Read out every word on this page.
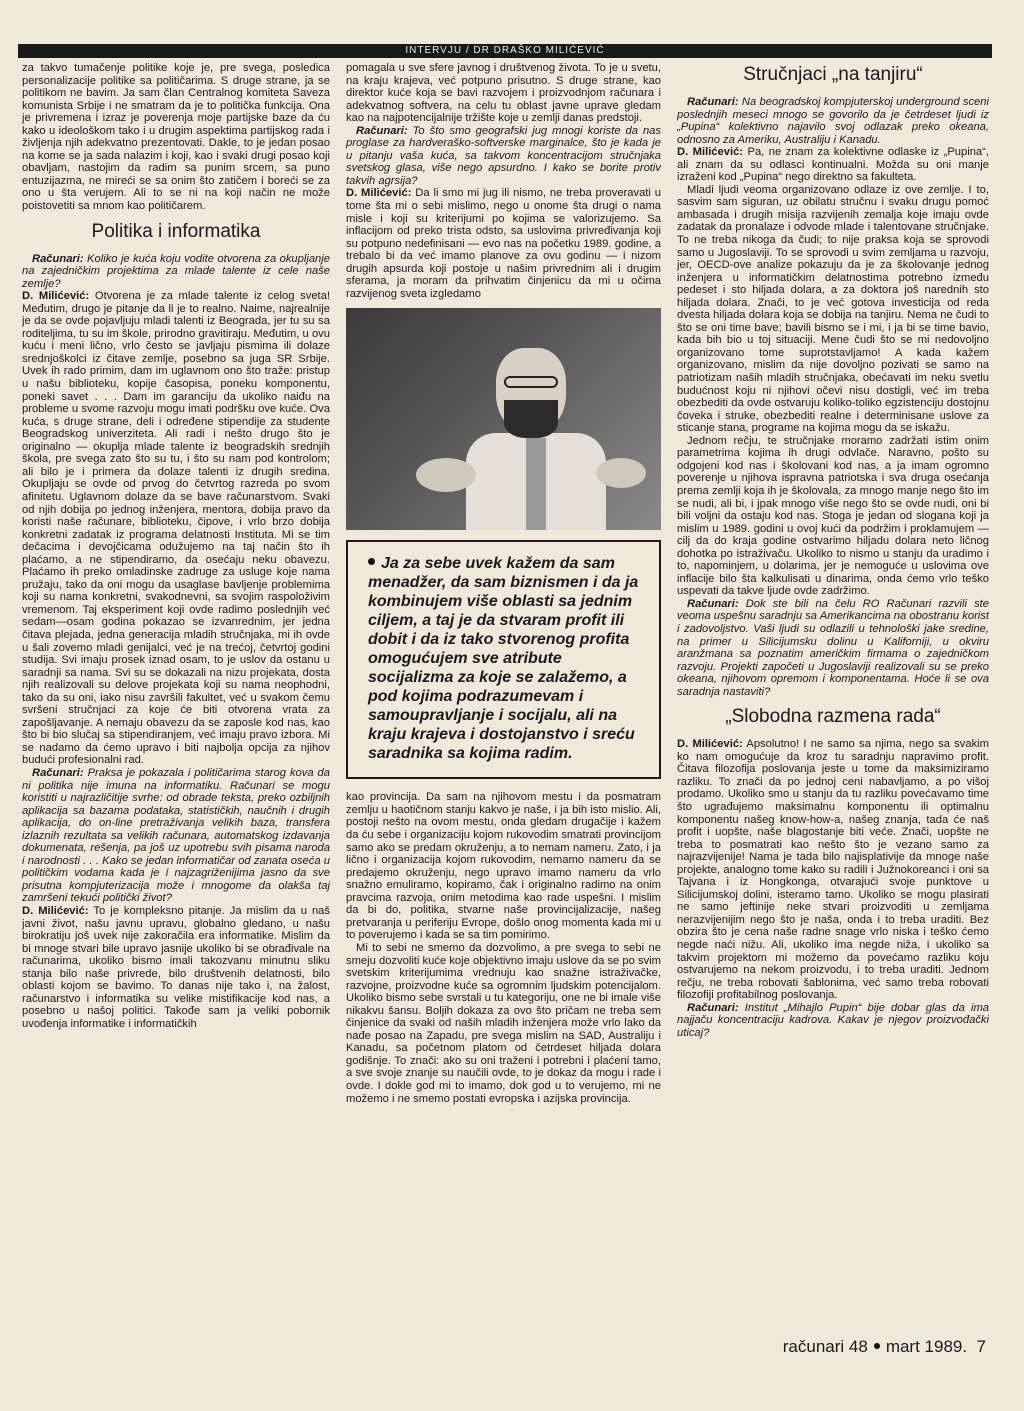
INTERVJU / DR DRAŠKO MILIĆEVIĆ

za takvo tumačenje politike koje je, pre svega, posledica personalizacije politike sa političarima. S druge strane, ja se politikom ne bavim. Ja sam član Centralnog komiteta Saveza komunista Srbije i ne smatram da je to politička funkcija. Ona je privremena i izraz je poverenja moje partijske baze da ću kako u ideološkom tako i u drugim aspektima partijskog rada i življenja njih adekvatno prezentovati. Dakle, to je jedan posao na kome se ja sada nalazim i koji, kao i svaki drugi posao koji obavljam, nastojim da radim sa punim srcem, sa puno entuzijazma, ne mireći se sa onim što zatičem i boreći se za ono u šta verujem. Ali to se ni na koji način ne može poistovetiti sa mnom kao političarem.

Politika i informatika

Računari: Koliko je kuća koju vodite otvorena za okupljanje na zajedničkim projektima za mlade talente iz cele naše zemlje?

D. Milićević: Otvorena je za mlade talente iz celog sveta! Međutim, drugo je pitanje da li je to realno. Naime, najrealnije je da se ovde pojavljuju mladi talenti iz Beograda, jer tu su sa roditeljima, tu su im škole, prirodno gravitiraju. Međutim, u ovu kuću i meni lično, vrlo često se javljaju pismima ili dolaze srednjoškolci iz čitave zemlje, posebno sa juga SR Srbije. Uvek ih rado primim, dam im uglavnom ono što traže: pristup u našu biblioteku, kopije časopisa, poneku komponentu, poneki savet . . . Dam im garanciju da ukoliko naiđu na probleme u svome razvoju mogu imati podršku ove kuće. Ova kuća, s druge strane, deli i određene stipendije za studente Beogradskog univerziteta. Ali radi i nešto drugo što je originalno — okuplja mlade talente iz beogradskih srednjih škola, pre svega zato što su tu, i što su nam pod kontrolom; ali bilo je i primera da dolaze talenti iz drugih sredina. Okupljaju se ovde od prvog do četvrtog razreda po svom afinitetu. Uglavnom dolaze da se bave računarstvom. Svaki od njih dobija po jednog inženjera, mentora, dobija pravo da koristi naše računare, biblioteku, čipove, i vrlo brzo dobija konkretni zadatak iz programa delatnosti Instituta. Mi se tim dečacima i devojčicama odužujemo na taj način što ih plaćamo, a ne stipendiramo, da osećaju neku obavezu. Plaćamo ih preko omladinske zadruge za usluge koje nama pružaju, tako da oni mogu da usaglase bavljenje problemima koji su nama konkretni, svakodnevni, sa svojim raspoloživim vremenom. Taj eksperiment koji ovde radimo poslednjih već sedam—osam godina pokazao se izvanrednim, jer jedna čitava plejada, jedna generacija mladih stručnjaka, mi ih ovde u šali zovemo mladi genijalci, već je na trećoj, četvrtoj godini studija. Svi imaju prosek iznad osam, to je uslov da ostanu u saradnji sa nama. Svi su se dokazali na nizu projekata, dosta njih realizovali su delove projekata koji su nama neophodni, tako da su oni, iako nisu završili fakultet, već u svakom čemu svršeni stručnjaci za koje će biti otvorena vrata za zapošljavanje. A nemaju obavezu da se zaposle kod nas, kao što bi bio slučaj sa stipendiranjem, već imaju pravo izbora. Mi se nadamo da ćemo upravo i biti najbolja opcija za njihov budući profesionalni rad.

Računari: Praksa je pokazala i političarima starog kova da ni politika nije imuna na informatiku. Računari se mogu koristiti u najrazličitije svrhe: od obrade teksta, preko ozbiljnih aplikacija sa bazama podataka, statističkih, naučnih i drugih aplikacija, do on-line pretraživanja velikih baza, transfera izlaznih rezultata sa velikih računara, automatskog izdavanja dokumenata, rešenja, pa još uz upotrebu svih pisama naroda i narodnosti . . . Kako se jedan informatičar od zanata oseća u političkim vodama kada je i najzagriženijima jasno da sve prisutna kompjuterizacija može i mnogome da olakša taj zamršeni tekući politički život?

D. Milićević: To je kompleksno pitanje. Ja mislim da u naš javni život, našu javnu upravu, globalno gledano, u našu birokratiju još uvek nije zakoračila era informatike. Mislim da bi mnoge stvari bile upravo jasnije ukoliko bi se obrađivale na računarima, ukoliko bismo imali takozvanu minutnu sliku stanja bilo naše privrede, bilo društvenih delatnosti, bilo oblasti kojom se bavimo. To danas nije tako i, na žalost, računarstvo i informatika su velike mistifikacije kod nas, a posebno u našoj politici. Takođe sam ja veliki pobornik uvođenja informatike i informatičkih

pomagala u sve sfere javnog i društvenog života. To je u svetu, na kraju krajeva, već potpuno prisutno. S druge strane, kao direktor kuće koja se bavi razvojem i proizvodnjom računara i adekvatnog softvera, na celu tu oblast javne uprave gledam kao na najpotencijalnije tržište koje u zemlji danas predstoji.

Računari: To što smo geografski jug mnogi koriste da nas proglase za hardveraško-softverske marginalce, što je kada je u pitanju vaša kuća, sa takvom koncentracijom stručnjaka svetskog glasa, više nego apsurdno. I kako se borite protiv takvih agrsija?

D. Milićević: Da li smo mi jug ili nismo, ne treba proveravati u tome šta mi o sebi mislimo, nego u onome šta drugi o nama misle i koji su kriterijumi po kojima se valorizujemo. Sa inflacijom od preko trista odsto, sa uslovima privređivanja koji su potpuno nedefinisani — evo nas na početku 1989. godine, a trebalo bi da već imamo planove za ovu godinu — i nizom drugih apsurda koji postoje u našim privrednim ali i drugim sferama, ja moram da prihvatim činjenicu da mi u očima razvijenog sveta izgledamo

Ja za sebe uvek kažem da sam menadžer, da sam biznismen i da ja kombinujem više oblasti sa jednim ciljem, a taj je da stvaram profit ili dobit i da iz tako stvorenog profita omogućujem sve atribute socijalizma za koje se zalažemo, a pod kojima podrazumevam i samoupravljanje i socijalu, ali na kraju krajeva i dostojanstvo i sreću saradnika sa kojima radim.

kao provincija. Da sam na njihovom mestu i da posmatram zemlju u haotičnom stanju kakvo je naše, i ja bih isto mislio. Ali, postoji nešto na ovom mestu, onda gledam drugačije i kažem da ću sebe i organizaciju kojom rukovodim smatrati provincijom samo ako se predam okruženju, a to nemam nameru. Zato, i ja lično i organizacija kojom rukovodim, nemamo nameru da se predajemo okruženju, nego upravo imamo nameru da vrlo snažno emuliramo, kopiramo, čak i originalno radimo na onim pravcima razvoja, onim metodima kao rade uspešni. I mislim da bi do, politika, stvarne naše provincijalizacije, našeg pretvaranja u periferiju Evrope, došlo onog momenta kada mi u to poverujemo i kada se sa tim pomirimo.

Mi to sebi ne smemo da dozvolimo, a pre svega to sebi ne smeju dozvoliti kuće koje objektivno imaju uslove da se po svim svetskim kriterijumima vrednuju kao snažne istraživačke, razvojne, proizvodne kuće sa ogromnim ljudskim potencijalom. Ukoliko bismo sebe svrstali u tu kategoriju, one ne bi imale više nikakvu šansu. Boljih dokaza za ovo što pričam ne treba sem činjenice da svaki od naših mladih inženjera može vrlo lako da nađe posao na Zapadu, pre svega mislim na SAD, Australiju i Kanadu, sa početnom platom od četrdeset hiljada dolara godišnje. To znači: ako su oni traženi i potrebni i plaćeni tamo, a sve svoje znanje su naučili ovde, to je dokaz da mogu i rade i ovde. I dokle god mi to imamo, dok god u to verujemo, mi ne možemo i ne smemo postati evropska i azijska provincija.

Stručnjaci „na tanjiru“

Računari: Na beogradskoj kompjuterskoj underground sceni poslednjih meseci mnogo se govorilo da je četrdeset ljudi iz „Pupina“ kolektivno najavilo svoj odlazak preko okeana, odnosno za Ameriku, Australiju i Kanadu.

D. Milićević: Pa, ne znam za kolektivne odlaske iz „Pupina“, ali znam da su odlasci kontinualni. Možda su oni manje izraženi kod „Pupina“ nego direktno sa fakulteta.

Mladi ljudi veoma organizovano odlaze iz ove zemlje. I to, sasvim sam siguran, uz obilatu stručnu i svaku drugu pomoć ambasada i drugih misija razvijenih zemalja koje imaju ovde zadatak da pronalaze i odvode mlade i talentovane stručnjake. To ne treba nikoga da čudi; to nije praksa koja se sprovodi samo u Jugoslaviji. To se sprovodi u svim zemljama u razvoju, jer, OECD-ove analize pokazuju da je za školovanje jednog inženjera u informatičkim delatnostima potrebno između pedeset i sto hiljada dolara, a za doktora još narednih sto hiljada dolara. Znači, to je već gotova investicija od reda dvesta hiljada dolara koja se dobija na tanjiru. Nema ne čudi to što se oni time bave; bavili bismo se i mi, i ja bi se time bavio, kada bih bio u toj situaciji. Mene čudi što se mi nedovoljno organizovano tome suprotstavljamo! A kada kažem organizovano, mislim da nije dovoljno pozivati se samo na patriotizam naših mladih stručnjaka, obećavati im neku svetlu budućnost koju ni njihovi očevi nisu dostigli, već im treba obezbediti da ovde ostvaruju koliko-toliko egzistenciju dostojnu čoveka i struke, obezbediti realne i determinisane uslove za sticanje stana, programe na kojima mogu da se iskažu.

Jednom rečju, te stručnjake moramo zadržati istim onim parametrima kojima ih drugi odvlače. Naravno, pošto su odgojeni kod nas i školovani kod nas, a ja imam ogromno poverenje u njihova ispravna patriotska i sva druga osećanja prema zemlji koja ih je školovala, za mnogo manje nego što im se nudi, ali bi, i jpak mnogo više nego što se ovde nudi, oni bi bili voljni da ostaju kod nas. Stoga je jedan od slogana koji ja mislim u 1989. godini u ovoj kući da podržim i proklamujem — cilj da do kraja godine ostvarimo hiljadu dolara neto ličnog dohotka po istraživaču. Ukoliko to nismo u stanju da uradimo i to, napominjem, u dolarima, jer je nemoguće u uslovima ove inflacije bilo šta kalkulisati u dinarima, onda ćemo vrlo teško uspevati da takve ljude ovde zadržimo.

Računari: Dok ste bili na čelu RO Računari razvili ste veoma uspešnu saradnju sa Amerikancima na obostranu korist i zadovoljstvo. Vaši ljudi su odlazili u tehnološki jake sredine, na primer u Silicijumsku dolinu u Kaliforniji, u okviru aranžmana sa poznatim američkim firmama o zajedničkom razvoju. Projekti započeti u Jugoslaviji realizovali su se preko okeana, njihovom opremom i komponentama. Hoće li se ova saradnja nastaviti?

„Slobodna razmena rada“

D. Milićević: Apsolutno! I ne samo sa njima, nego sa svakim ko nam omogućuje da kroz tu saradnju napravimo profit. Čitava filozofija poslovanja jeste u tome da maksimiziramo razliku. To znači da po jednoj ceni nabavljamo, a po višoj prodamo. Ukoliko smo u stanju da tu razliku povećavamo time što ugrađujemo maksimalnu komponentu ili optimalnu komponentu našeg know-how-a, našeg znanja, tada će naš profit i uopšte, naše blagostanje biti veće. Znači, uopšte ne treba to posmatrati kao nešto što je vezano samo za najrazvijenije! Nama je tada bilo najisplativije da mnoge naše projekte, analogno tome kako su radili i Južnokoreanci i oni sa Tajvana i iz Hongkonga, otvarajući svoje punktove u Silicijumskoj dolini, isteramo tamo. Ukoliko se mogu plasirati ne samo jeftinije neke stvari proizvoditi u zemljama nerazvijenijim nego što je naša, onda i to treba uraditi. Bez obzira što je cena naše radne snage vrlo niska i teško ćemo negde naći nižu. Ali, ukoliko ima negde niža, i ukoliko sa takvim projektom mi možemo da povećamo razliku koju ostvarujemo na nekom proizvodu, i to treba uraditi. Jednom rečju, ne treba robovati šablonima, već samo treba robovati filozofiji profitabilnog poslovanja.

Računari: Institut „Mihajlo Pupin“ bije dobar glas da ima najjaču koncentraciju kadrova. Kakav je njegov proizvođački uticaj?

računari 48 mart 1989. 7
